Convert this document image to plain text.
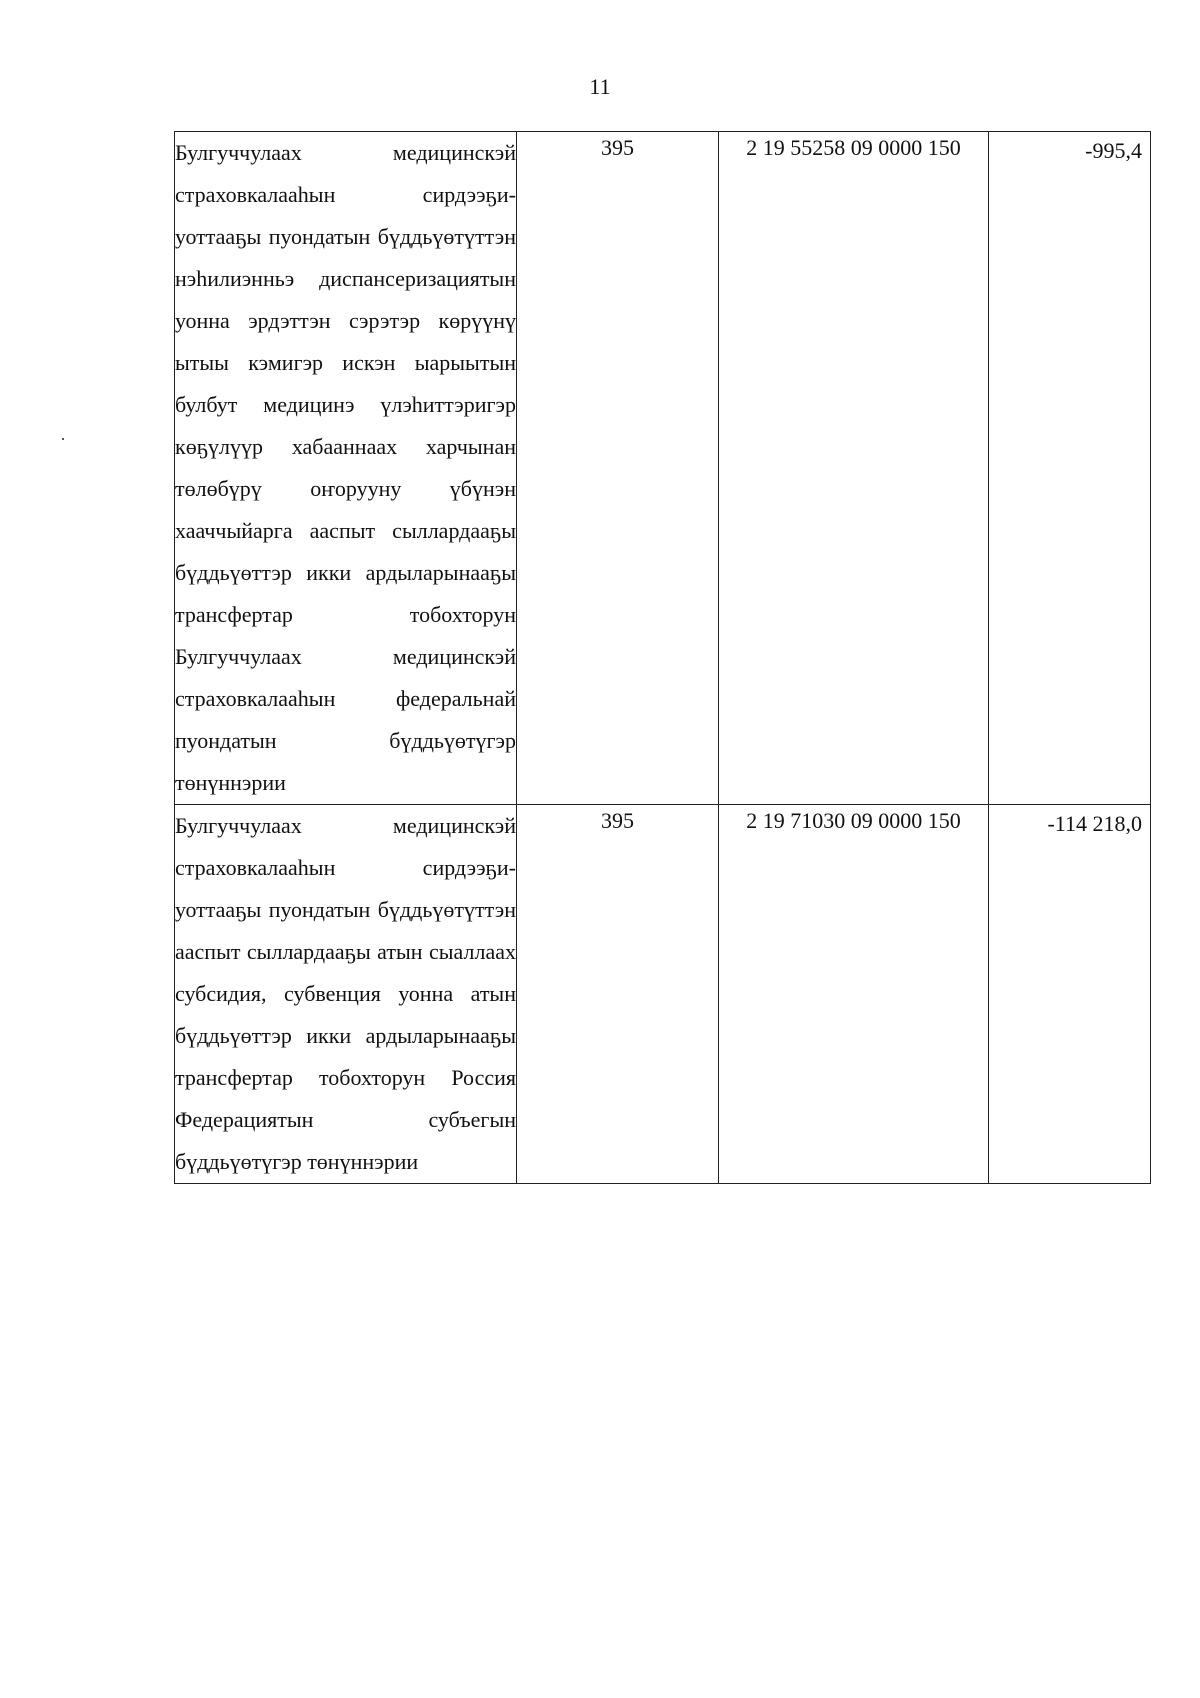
11
Булгуччулаах медицинскэй страховкалааһын сирдээҕи-уоттааҕы пуондатын бүддьүөтүттэн нэһилиэнньэ диспансеризациятын уонна эрдэттэн сэрэтэр көрүүнү ытыы кэмигэр искэн ыарыытын булбут медицинэ үлэһиттэригэр көҕүлүүр хабааннаах харчынан төлөбүрү оҥорууну үбүнэн хааччыйарга ааспыт сыллардааҕы бүддьүөттэр икки ардыларынааҕы трансфертар тобохторун Булгуччулаах медицинскэй страховкалааһын федеральнай пуондатын бүддьүөтүгэр төнүннэрии	395	2 19 55258 09 0000 150	-995,4
Булгуччулаах медицинскэй страховкалааһын сирдээҕи-уоттааҕы пуондатын бүддьүөтүттэн ааспыт сыллардааҕы атын сыаллаах субсидия, субвенция уонна атын бүддьүөттэр икки ардыларынааҕы трансфертар тобохторун Россия Федерациятын субъегын бүддьүөтүгэр төнүннэрии	395	2 19 71030 09 0000 150	-114 218,0
